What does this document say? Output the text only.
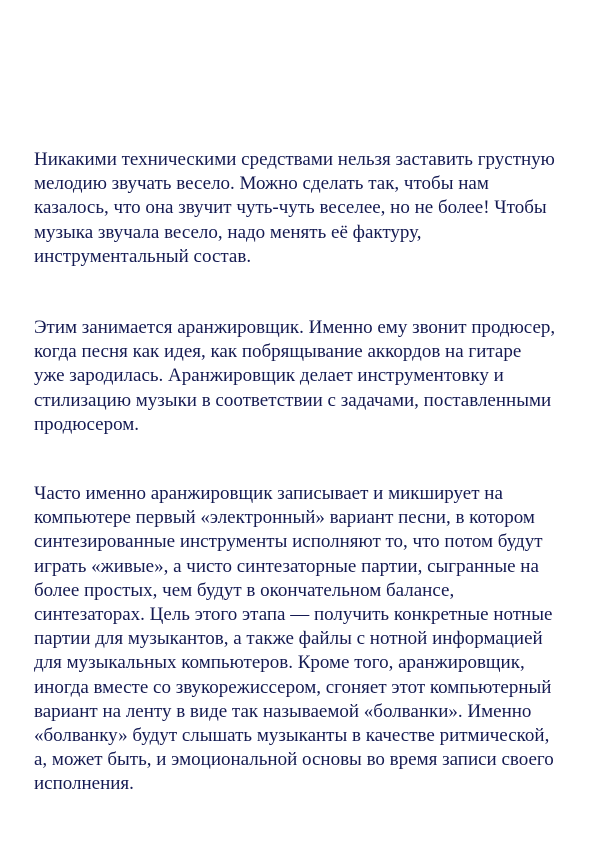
Никакими техническими средствами нельзя заставить грустную
мелодию звучать весело. Можно сделать так, чтобы нам
казалось, что она звучит чуть-чуть веселее, но не более! Чтобы
музыка звучала весело, надо менять её фактуру,
инструментальный состав.

Этим занимается аранжировщик. Именно ему звонит продюсер,
когда песня как идея, как побрящывание аккордов на гитаре
уже зародилась. Аранжировщик делает инструментовку и
стилизацию музыки в соответствии с задачами, поставленными
продюсером.

Часто именно аранжировщик записывает и микширует на
компьютере первый «электронный» вариант песни, в котором
синтезированные инструменты исполняют то, что потом будут
играть «живые», а чисто синтезаторные партии, сыгранные на
более простых, чем будут в окончательном балансе,
синтезаторах. Цель этого этапа — получить конкретные нотные
партии для музыкантов, а также файлы с нотной информацией
для музыкальных компьютеров. Кроме того, аранжировщик,
иногда вместе со звукорежиссером, сгоняет этот компьютерный
вариант на ленту в виде так называемой «болванки». Именно
«болванку» будут слышать музыканты в качестве ритмической,
а, может быть, и эмоциональной основы во время записи своего
исполнения.
